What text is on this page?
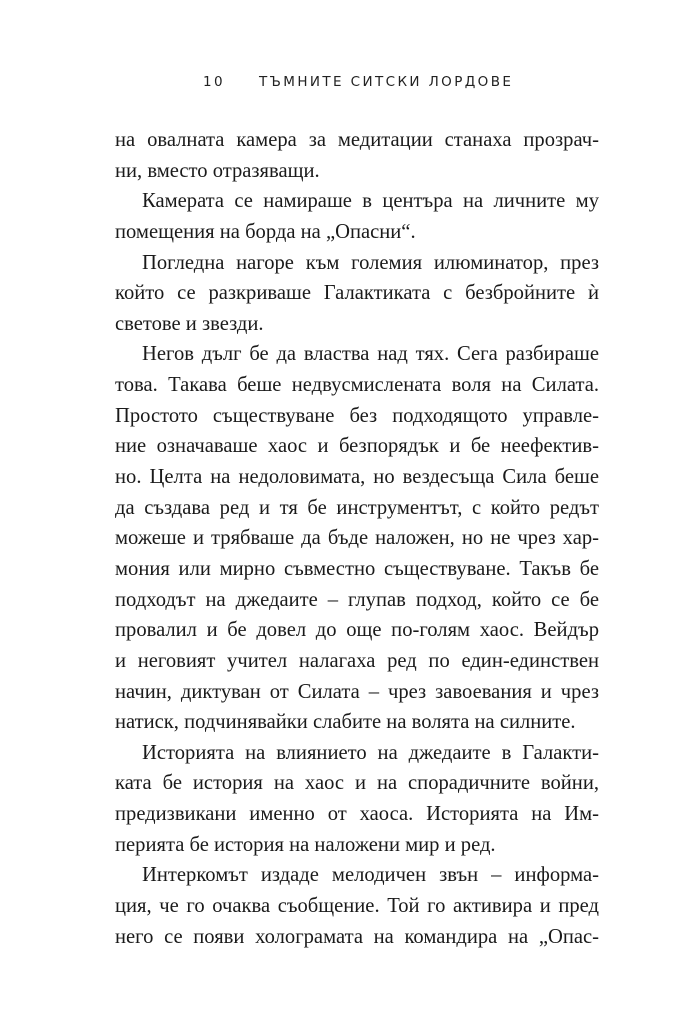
10	ТЪМНИТЕ СИТСКИ ЛОРДОВЕ
на овалната камера за медитации станаха прозрач-
ни, вместо отразяващи.
Камерата се намираше в центъра на личните му
помещения на борда на „Опасни“.
Погледна нагоре към големия илюминатор, през
който се разкриваше Галактиката с безбройните ѝ
светове и звезди.
Негов дълг бе да властва над тях. Сега разбираше
това. Такава беше недвусмислената воля на Силата.
Простото съществуване без подходящото управле-
ние означаваше хаос и безпорядък и бе неефектив-
но. Целта на недоловимата, но вездесъща Сила беше
да създава ред и тя бе инструментът, с който редът
можеше и трябваше да бъде наложен, но не чрез хар-
мония или мирно съвместно съществуване. Такъв бе
подходът на джедаите – глупав подход, който се бе
провалил и бе довел до още по-голям хаос. Вейдър
и неговият учител налагаха ред по един-единствен
начин, диктуван от Силата – чрез завоевания и чрез
натиск, подчинявайки слабите на волята на силните.
Историята на влиянието на джедаите в Галакти-
ката бе история на хаос и на спорадичните войни,
предизвикани именно от хаоса. Историята на Им-
перията бе история на наложени мир и ред.
Интеркомът издаде мелодичен звън – информа-
ция, че го очаква съобщение. Той го активира и пред
него се появи холограмата на командира на „Опас-
